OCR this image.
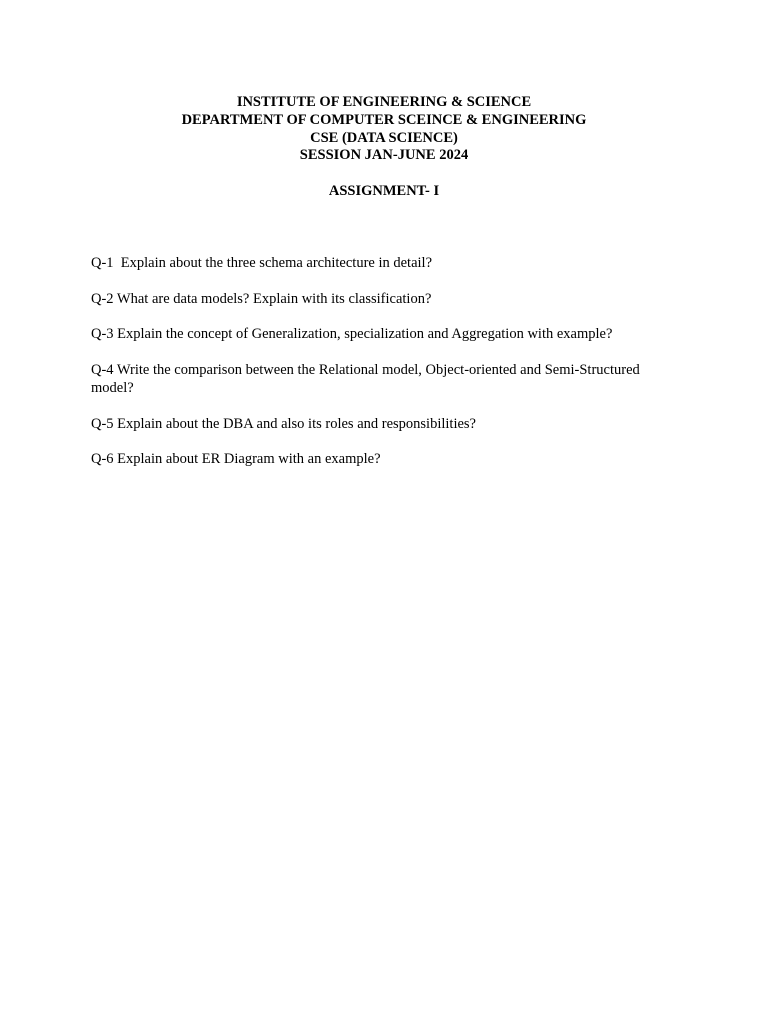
INSTITUTE OF ENGINEERING & SCIENCE
DEPARTMENT OF COMPUTER SCEINCE & ENGINEERING
CSE (DATA SCIENCE)
SESSION JAN-JUNE 2024
ASSIGNMENT- I

Q-1  Explain about the three schema architecture in detail?

Q-2 What are data models? Explain with its classification?

Q-3 Explain the concept of Generalization, specialization and Aggregation with example?

Q-4 Write the comparison between the Relational model, Object-oriented and Semi-Structured model?

Q-5 Explain about the DBA and also its roles and responsibilities?

Q-6 Explain about ER Diagram with an example?
